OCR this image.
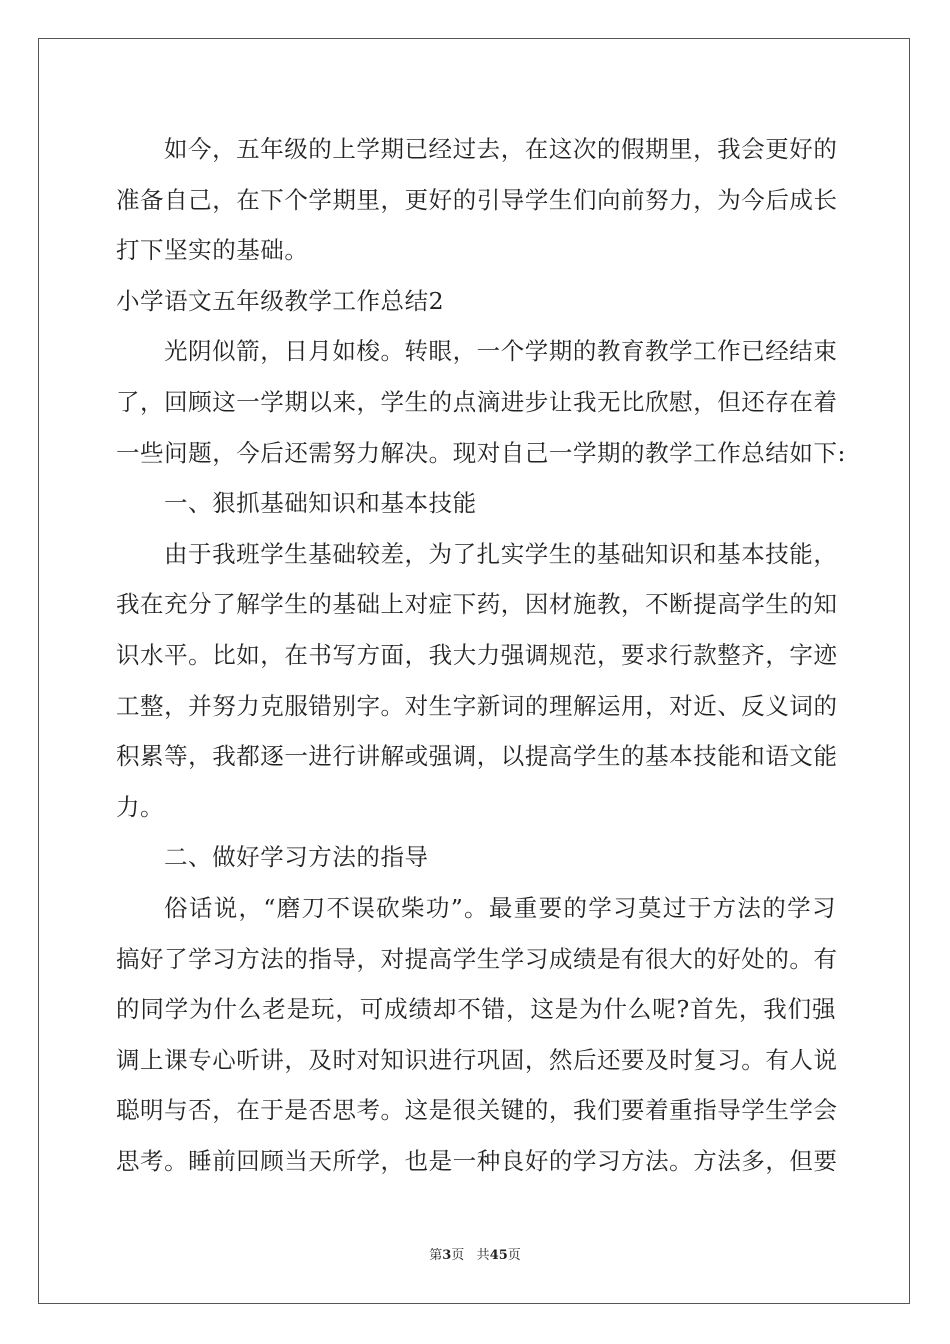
如今，五年级的上学期已经过去，在这次的假期里，我会更好的
准备自己，在下个学期里，更好的引导学生们向前努力，为今后成长
打下坚实的基础。
小学语文五年级教学工作总结2
光阴似箭，日月如梭。转眼，一个学期的教育教学工作已经结束
了，回顾这一学期以来，学生的点滴进步让我无比欣慰，但还存在着
一些问题，今后还需努力解决。现对自己一学期的教学工作总结如下:
一、狠抓基础知识和基本技能
由于我班学生基础较差，为了扎实学生的基础知识和基本技能，
我在充分了解学生的基础上对症下药，因材施教，不断提高学生的知
识水平。比如，在书写方面，我大力强调规范，要求行款整齐，字迹
工整，并努力克服错别字。对生字新词的理解运用，对近、反义词的
积累等，我都逐一进行讲解或强调，以提高学生的基本技能和语文能
力。
二、做好学习方法的指导
俗话说，“磨刀不误砍柴功”。最重要的学习莫过于方法的学习
搞好了学习方法的指导，对提高学生学习成绩是有很大的好处的。有
的同学为什么老是玩，可成绩却不错，这是为什么呢?首先，我们强
调上课专心听讲，及时对知识进行巩固，然后还要及时复习。有人说
聪明与否，在于是否思考。这是很关键的，我们要着重指导学生学会
思考。睡前回顾当天所学，也是一种良好的学习方法。方法多，但要
第3页 共45页
